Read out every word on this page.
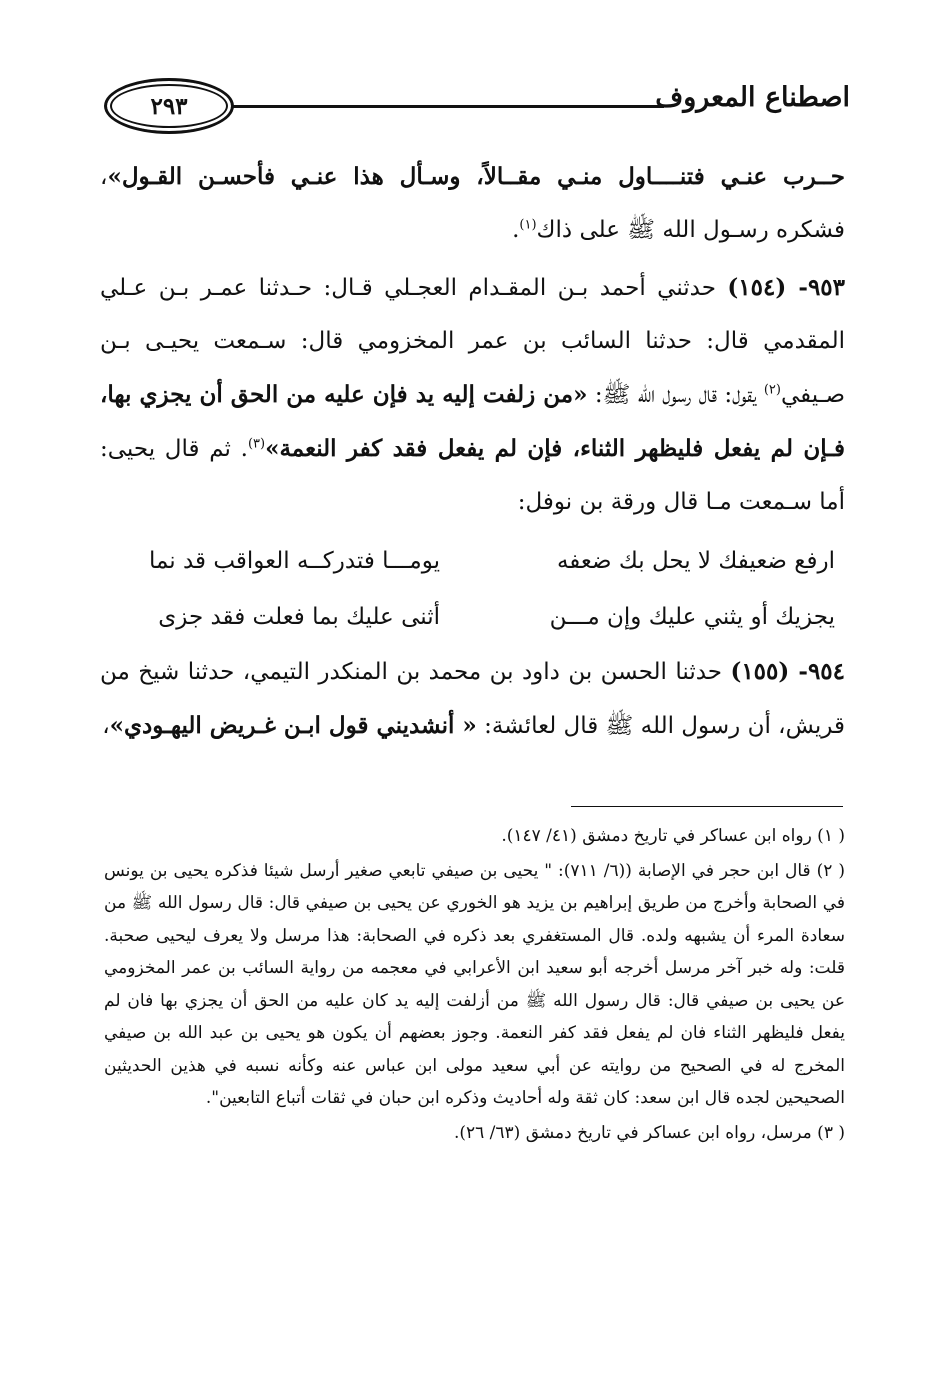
اصطناع المعروف
٢٩٣

حــرب عنـي فتنــــاول منـي مقــالاً، وسـأل هذا عنـي فأحسـن القـول»، فشكره رسـول الله ﷺ على ذاك$^{(١)}$.

٩٥٣- (١٥٤) حدثني أحمد بـن المقـدام العجـلي قـال: حـدثنا عمـر بـن عـلي المقدمي قال: حدثنا السائب بن عمر المخزومي قال: سـمعت يحيـى بـن صـيفي$^{(٢)}$ يقول: قال رسول الله ﷺ: «من زلفت إليه يد فإن عليه من الحق أن يجزي بها، فـإن لم يفعل فليظهر الثناء، فإن لم يفعل فقد كفر النعمة»$^{(٣)}$. ثم قال يحيى: أما سـمعت مـا قال ورقة بن نوفل:

ارفع ضعيفك لا يحل بك ضعفه
يومـــا فتدركــه العواقب قد نما
يجزيك أو يثني عليك وإن مـــن
أثنى عليك بما فعلت فقد جزى

٩٥٤- (١٥٥) حدثنا الحسن بن داود بن محمد بن المنكدر التيمي، حدثنا شيخ من قريش، أن رسول الله ﷺ قال لعائشة: « أنشديني قول ابـن غـريض اليهـودي»،

( ١) رواه ابن عساكر في تاريخ دمشق (٤١/ ١٤٧).

( ٢) قال ابن حجر في الإصابة ((٦/ ٧١١): " يحيى بن صيفي تابعي صغير أرسل شيئا فذكره يحيى بن يونس في الصحابة وأخرج من طريق إبراهيم بن يزيد هو الخوري عن يحيى بن صيفي قال: قال رسول الله ﷺ من سعادة المرء أن يشبهه ولده. قال المستغفري بعد ذكره في الصحابة: هذا مرسل ولا يعرف ليحيى صحبة. قلت: وله خبر آخر مرسل أخرجه أبو سعيد ابن الأعرابي في معجمه من رواية السائب بن عمر المخزومي عن يحيى بن صيفي قال: قال رسول الله ﷺ من أزلفت إليه يد كان عليه من الحق أن يجزي بها فان لم يفعل فليظهر الثناء فان لم يفعل فقد كفر النعمة. وجوز بعضهم أن يكون هو يحيى بن عبد الله بن صيفي المخرج له في الصحيح من روايته عن أبي سعيد مولى ابن عباس عنه وكأنه نسبه في هذين الحديثين الصحيحين لجده قال ابن سعد: كان ثقة وله أحاديث وذكره ابن حبان في ثقات أتباع التابعين".

( ٣) مرسل، رواه ابن عساكر في تاريخ دمشق (٦٣/ ٢٦).
